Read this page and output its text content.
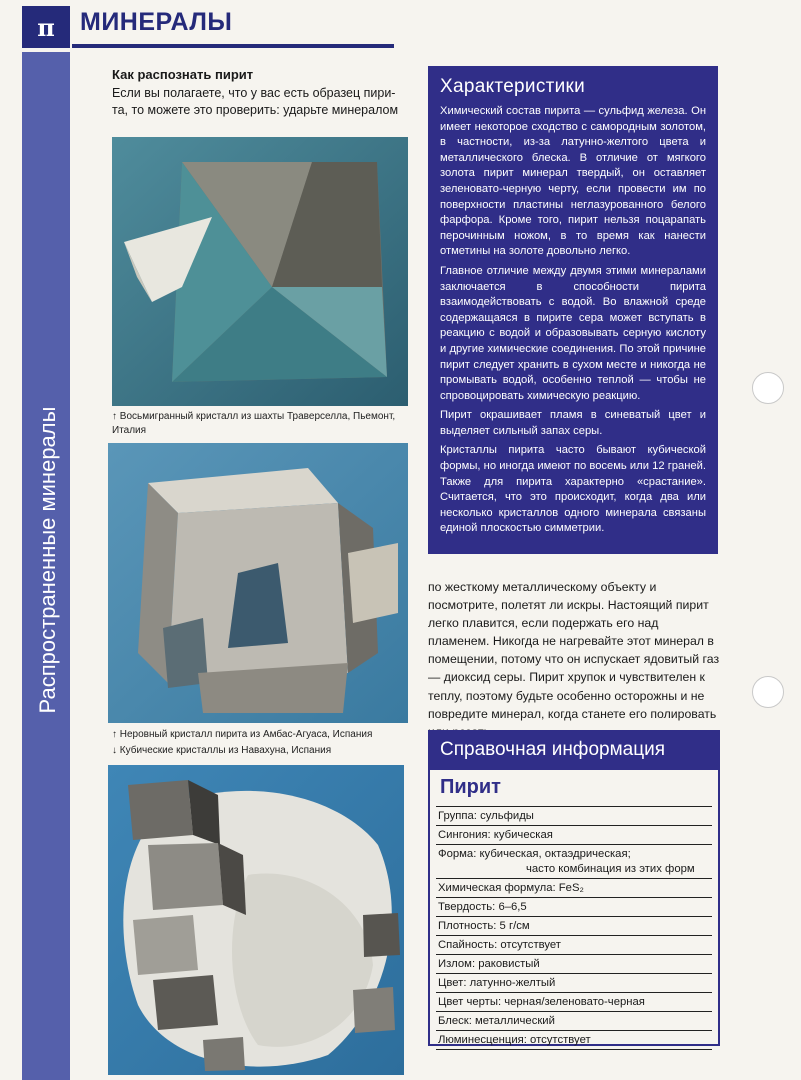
п	МИНЕРАЛЫ
Распространенные минералы
Как распознать пирит
Если вы полагаете, что у вас есть образец пири-
та, то можете это проверить: ударьте минералом
↑ Восьмигранный кристалл из шахты Траверселла, Пьемонт, Италия
↑ Неровный кристалл пирита из Амбас-Агуаса, Испания
↓ Кубические кристаллы из Навахуна, Испания
Характеристики

Химический состав пирита — сульфид железа. Он имеет некоторое сходство с самородным золотом, в частности, из-за латунно-желтого цвета и металлического блеска. В отличие от мягкого золота пирит минерал твердый, он оставляет зеленовато-черную черту, если провести им по поверхности пластины неглазурованного белого фарфора. Кроме того, пирит нельзя поцарапать перочинным ножом, в то время как нанести отметины на золоте довольно легко.

Главное отличие между двумя этими минералами заключается в способности пирита взаимодействовать с водой. Во влажной среде содержащаяся в пирите сера может вступать в реакцию с водой и образовывать серную кислоту и другие химические соединения. По этой причине пирит следует хранить в сухом месте и никогда не промывать водой, особенно теплой — чтобы не спровоцировать химическую реакцию.

Пирит окрашивает пламя в синеватый цвет и выделяет сильный запах серы.

Кристаллы пирита часто бывают кубической формы, но иногда имеют по восемь или 12 граней. Также для пирита характерно «срастание». Считается, что это происходит, когда два или несколько кристаллов одного минерала связаны единой плоскостью симметрии.

по жесткому металлическому объекту и посмотрите, полетят ли искры. Настоящий пирит легко плавится, если подержать его над пламенем. Никогда не нагревайте этот минерал в помещении, потому что он испускает ядовитый газ — диоксид серы. Пирит хрупок и чувствителен к теплу, поэтому будьте особенно осторожны и не повредите минерал, когда станете его полировать
Справочная информация
Пирит
Группа: сульфиды
Сингония: кубическая
Форма: кубическая, октаэдрическая;
часто комбинация из этих форм
Химическая формула: FeS₂
Твердость: 6–6,5
Плотность: 5 г/см
Спайность: отсутствует
Излом: раковистый
Цвет: латунно-желтый
Цвет черты: черная/зеленовато-черная
Блеск: металлический
Люминесценция: отсутствует
